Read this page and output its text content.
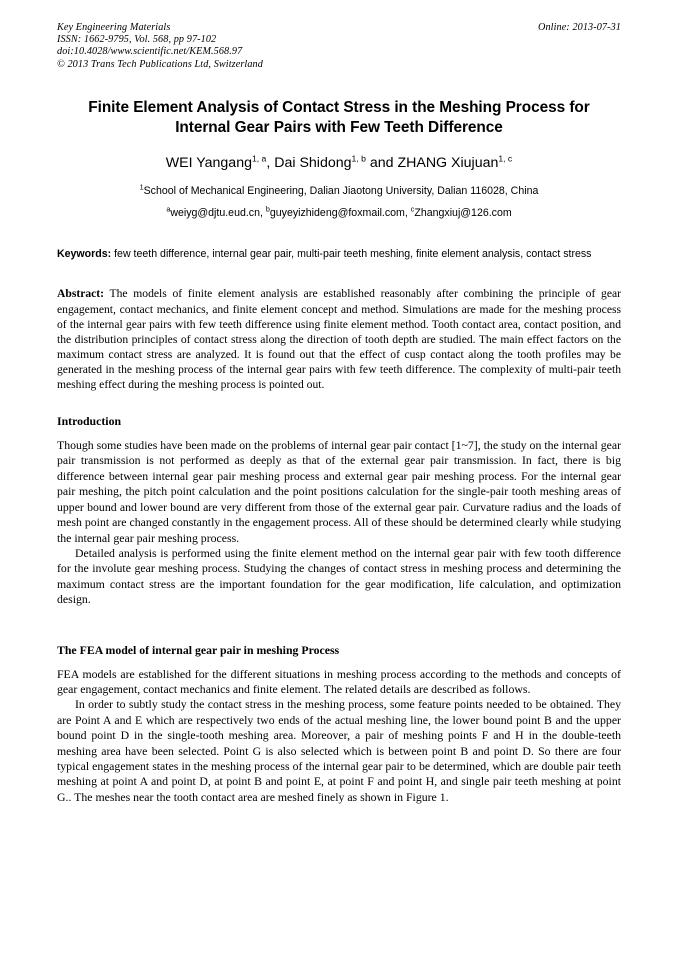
Key Engineering Materials
ISSN: 1662-9795, Vol. 568, pp 97-102
doi:10.4028/www.scientific.net/KEM.568.97
© 2013 Trans Tech Publications Ltd, Switzerland
Online: 2013-07-31
Finite Element Analysis of Contact Stress in the Meshing Process for
Internal Gear Pairs with Few Teeth Difference
WEI Yangang$^{1, a}$, Dai Shidong$^{1, b}$ and ZHANG Xiujuan$^{1, c}$
$^1$School of Mechanical Engineering, Dalian Jiaotong University, Dalian 116028, China
$^a$weiyg@djtu.eud.cn, $^b$guyeyizhideng@foxmail.com, $^c$Zhangxiuj@126.com
Keywords: few teeth difference, internal gear pair, multi-pair teeth meshing, finite element analysis, contact stress
Abstract: The models of finite element analysis are established reasonably after combining the principle of gear engagement, contact mechanics, and finite element concept and method. Simulations are made for the meshing process of the internal gear pairs with few teeth difference using finite element method. Tooth contact area, contact position, and the distribution principles of contact stress along the direction of tooth depth are studied. The main effect factors on the maximum contact stress are analyzed. It is found out that the effect of cusp contact along the tooth profiles may be generated in the meshing process of the internal gear pairs with few teeth difference. The complexity of multi-pair teeth meshing effect during the meshing process is pointed out.
Introduction
Though some studies have been made on the problems of internal gear pair contact [1~7], the study on the internal gear pair transmission is not performed as deeply as that of the external gear pair transmission. In fact, there is big difference between internal gear pair meshing process and external gear pair meshing process. For the internal gear pair meshing, the pitch point calculation and the point positions calculation for the single-pair tooth meshing areas of upper bound and lower bound are very different from those of the external gear pair. Curvature radius and the loads of mesh point are changed constantly in the engagement process. All of these should be determined clearly while studying the internal gear pair meshing process.
Detailed analysis is performed using the finite element method on the internal gear pair with few tooth difference for the involute gear meshing process. Studying the changes of contact stress in meshing process and determining the maximum contact stress are the important foundation for the gear modification, life calculation, and optimization design.
The FEA model of internal gear pair in meshing Process
FEA models are established for the different situations in meshing process according to the methods and concepts of gear engagement, contact mechanics and finite element. The related details are described as follows.
In order to subtly study the contact stress in the meshing process, some feature points needed to be obtained. They are Point A and E which are respectively two ends of the actual meshing line, the lower bound point B and the upper bound point D in the single-tooth meshing area. Moreover, a pair of meshing points F and H in the double-teeth meshing area have been selected. Point G is also selected which is between point B and point D. So there are four typical engagement states in the meshing process of the internal gear pair to be determined, which are double pair teeth meshing at point A and point D, at point B and point E, at point F and point H, and single pair teeth meshing at point G.. The meshes near the tooth contact area are meshed finely as shown in Figure 1.
